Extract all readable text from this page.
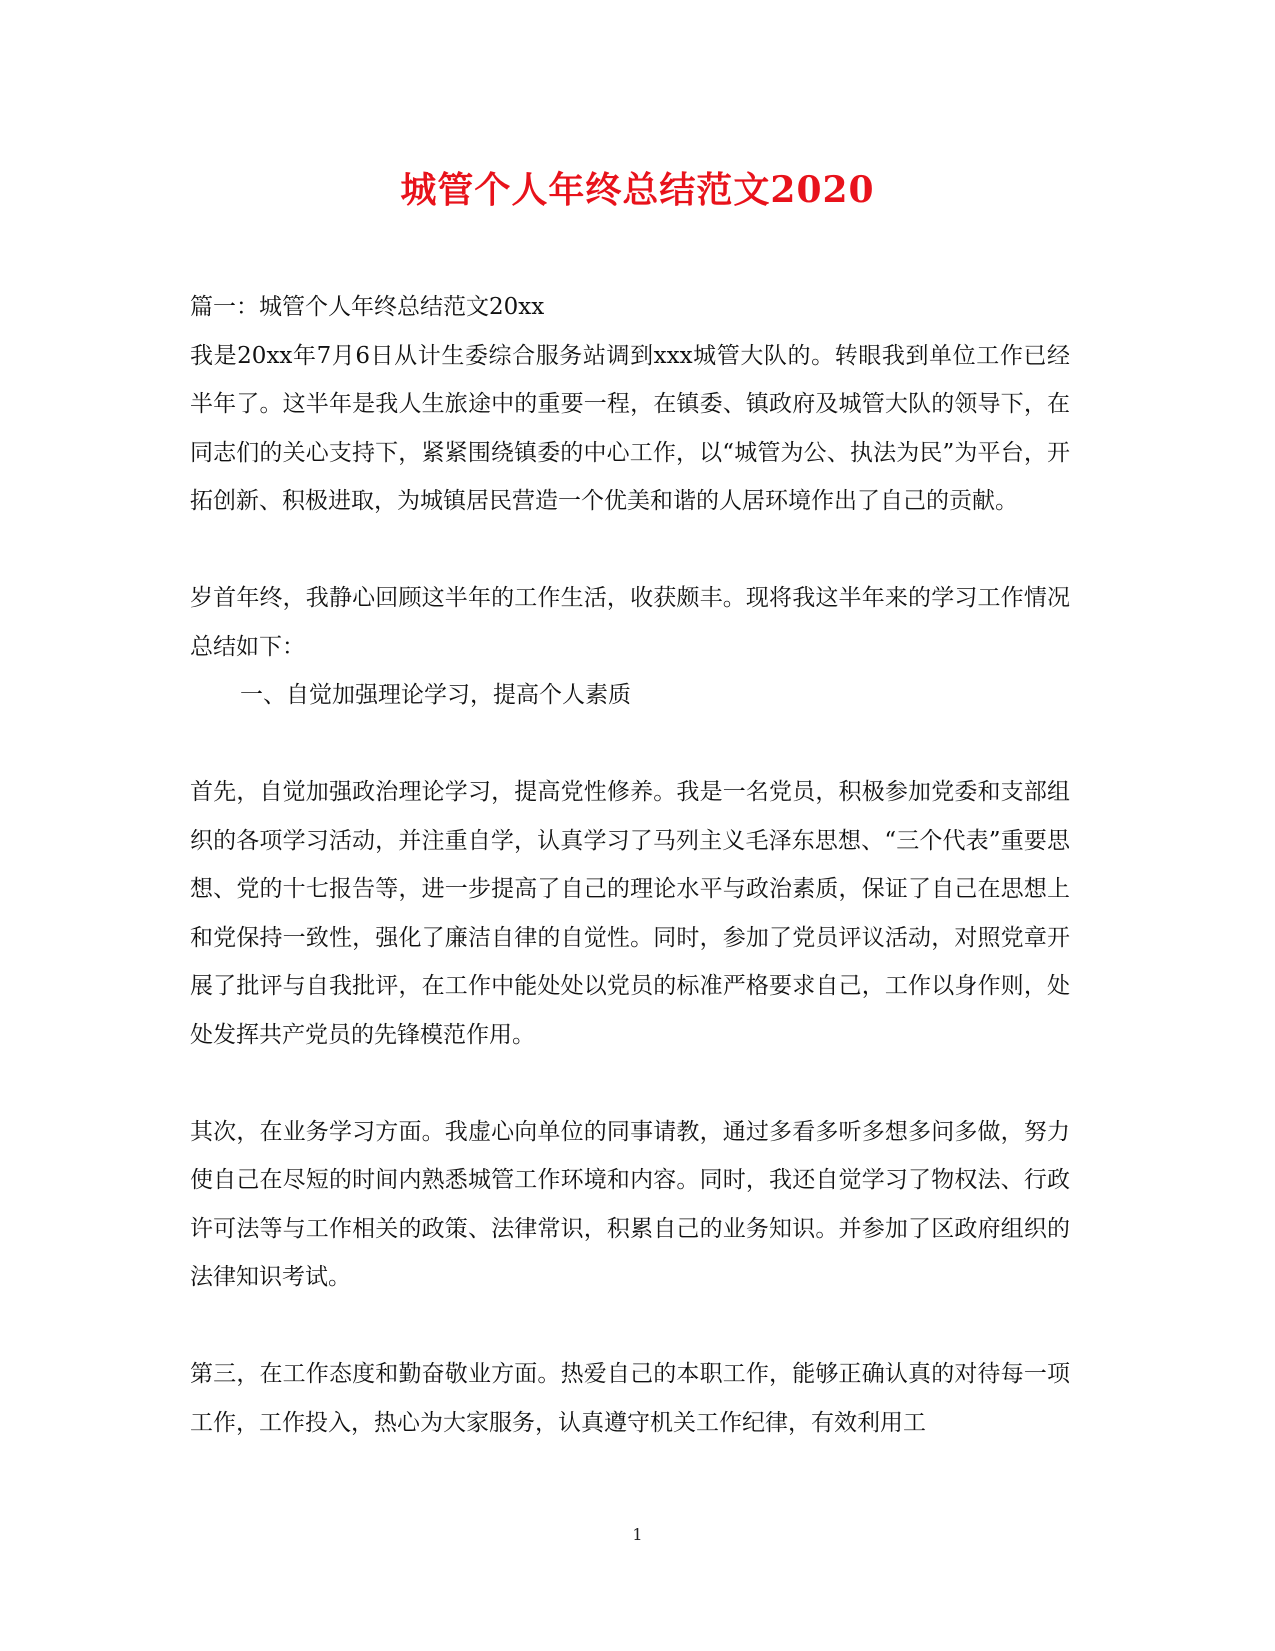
城管个人年终总结范文2020

篇一：城管个人年终总结范文20xx

我是20xx年7月6日从计生委综合服务站调到xxx城管大队的。转眼我到单位工作已经半年了。这半年是我人生旅途中的重要一程，在镇委、镇政府及城管大队的领导下，在同志们的关心支持下，紧紧围绕镇委的中心工作，以“城管为公、执法为民”为平台，开拓创新、积极进取，为城镇居民营造一个优美和谐的人居环境作出了自己的贡献。

岁首年终，我静心回顾这半年的工作生活，收获颇丰。现将我这半年来的学习工作情况总结如下：

一、自觉加强理论学习，提高个人素质

首先，自觉加强政治理论学习，提高党性修养。我是一名党员，积极参加党委和支部组织的各项学习活动，并注重自学，认真学习了马列主义毛泽东思想、“三个代表”重要思想、党的十七报告等，进一步提高了自己的理论水平与政治素质，保证了自己在思想上和党保持一致性，强化了廉洁自律的自觉性。同时，参加了党员评议活动，对照党章开展了批评与自我批评，在工作中能处处以党员的标准严格要求自己，工作以身作则，处处发挥共产党员的先锋模范作用。

其次，在业务学习方面。我虚心向单位的同事请教，通过多看多听多想多问多做，努力使自己在尽短的时间内熟悉城管工作环境和内容。同时，我还自觉学习了物权法、行政许可法等与工作相关的政策、法律常识，积累自己的业务知识。并参加了区政府组织的法律知识考试。

第三，在工作态度和勤奋敬业方面。热爱自己的本职工作，能够正确认真的对待每一项工作，工作投入，热心为大家服务，认真遵守机关工作纪律，有效利用工

1
